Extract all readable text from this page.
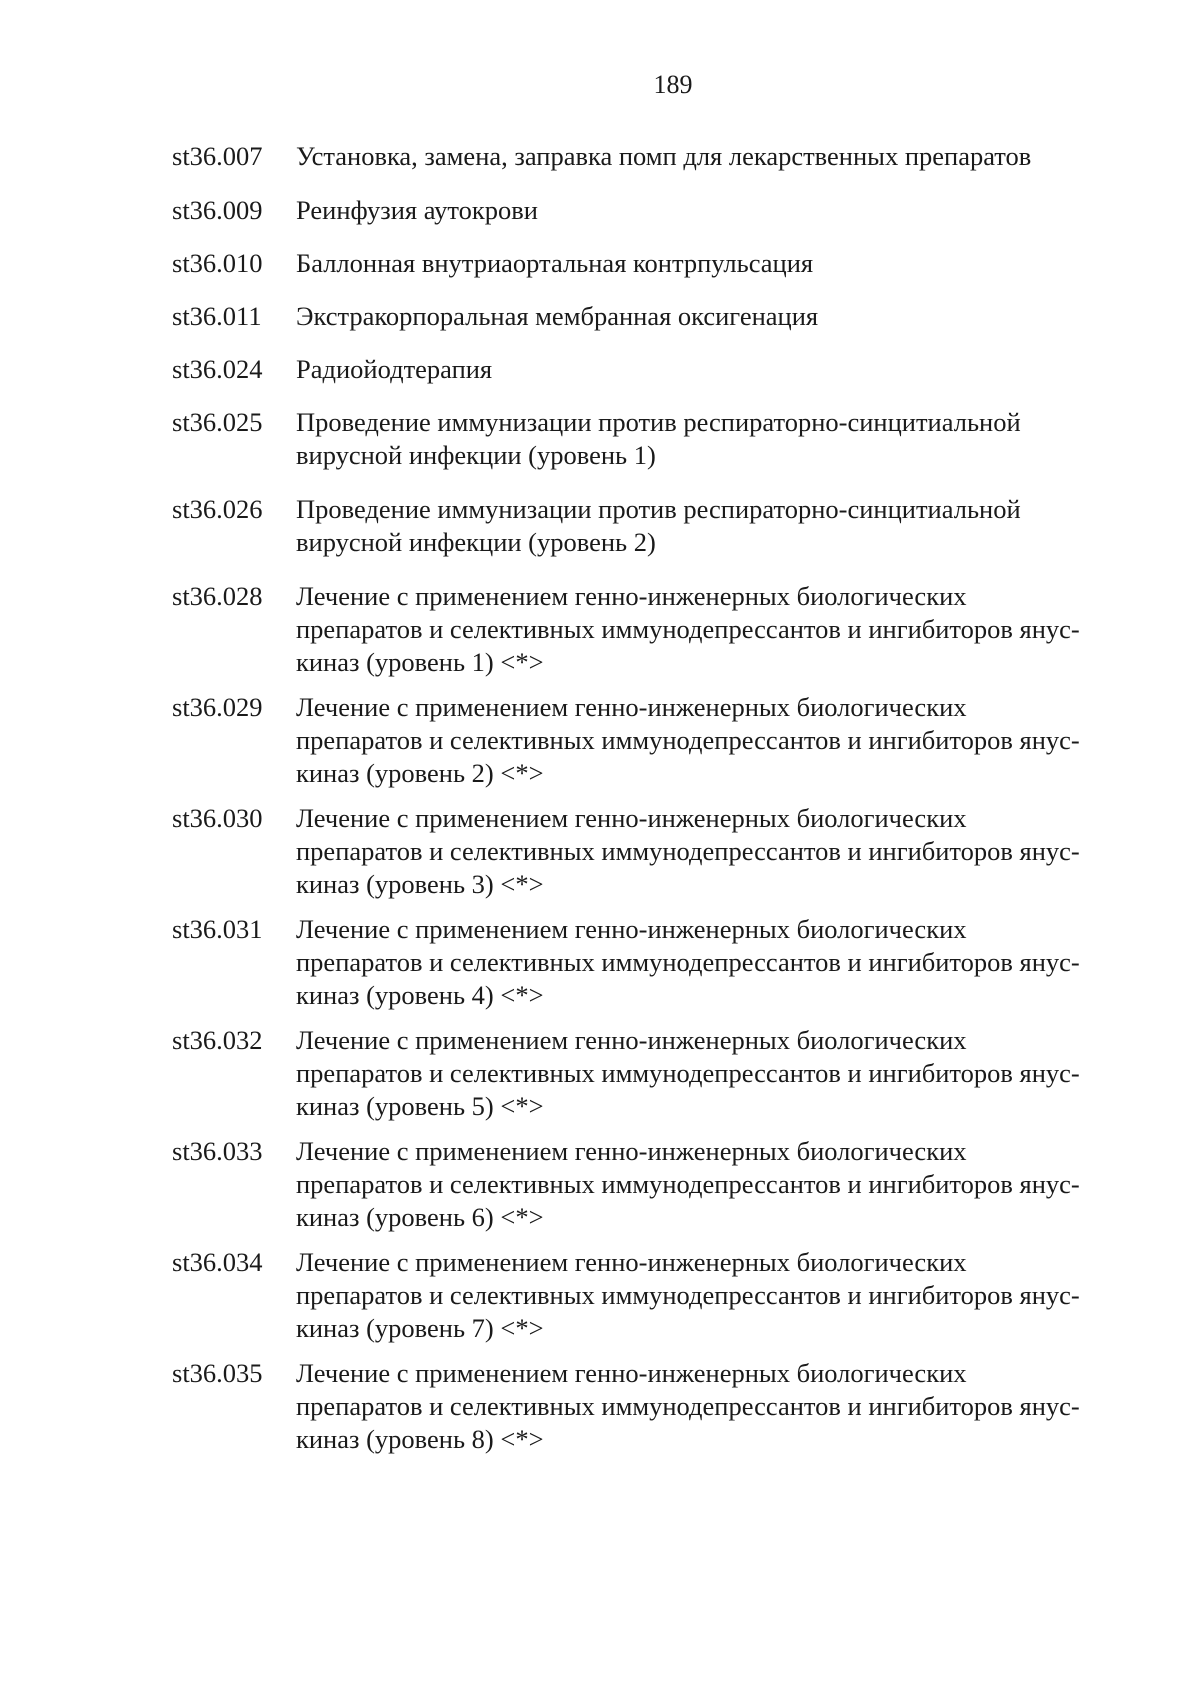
189
st36.007	Установка, замена, заправка помп для лекарственных препаратов
st36.009	Реинфузия аутокрови
st36.010	Баллонная внутриаортальная контрпульсация
st36.011	Экстракорпоральная мембранная оксигенация
st36.024	Радиойодтерапия
st36.025	Проведение иммунизации против респираторно-синцитиальной вирусной инфекции (уровень 1)
st36.026	Проведение иммунизации против респираторно-синцитиальной вирусной инфекции (уровень 2)
st36.028	Лечение с применением генно-инженерных биологических препаратов и селективных иммунодепрессантов и ингибиторов янус-киназ (уровень 1) <*>
st36.029	Лечение с применением генно-инженерных биологических препаратов и селективных иммунодепрессантов и ингибиторов янус-киназ (уровень 2) <*>
st36.030	Лечение с применением генно-инженерных биологических препаратов и селективных иммунодепрессантов и ингибиторов янус-киназ (уровень 3) <*>
st36.031	Лечение с применением генно-инженерных биологических препаратов и селективных иммунодепрессантов и ингибиторов янус-киназ (уровень 4) <*>
st36.032	Лечение с применением генно-инженерных биологических препаратов и селективных иммунодепрессантов и ингибиторов янус-киназ (уровень 5) <*>
st36.033	Лечение с применением генно-инженерных биологических препаратов и селективных иммунодепрессантов и ингибиторов янус-киназ (уровень 6) <*>
st36.034	Лечение с применением генно-инженерных биологических препаратов и селективных иммунодепрессантов и ингибиторов янус-киназ (уровень 7) <*>
st36.035	Лечение с применением генно-инженерных биологических препаратов и селективных иммунодепрессантов и ингибиторов янус-киназ (уровень 8) <*>
